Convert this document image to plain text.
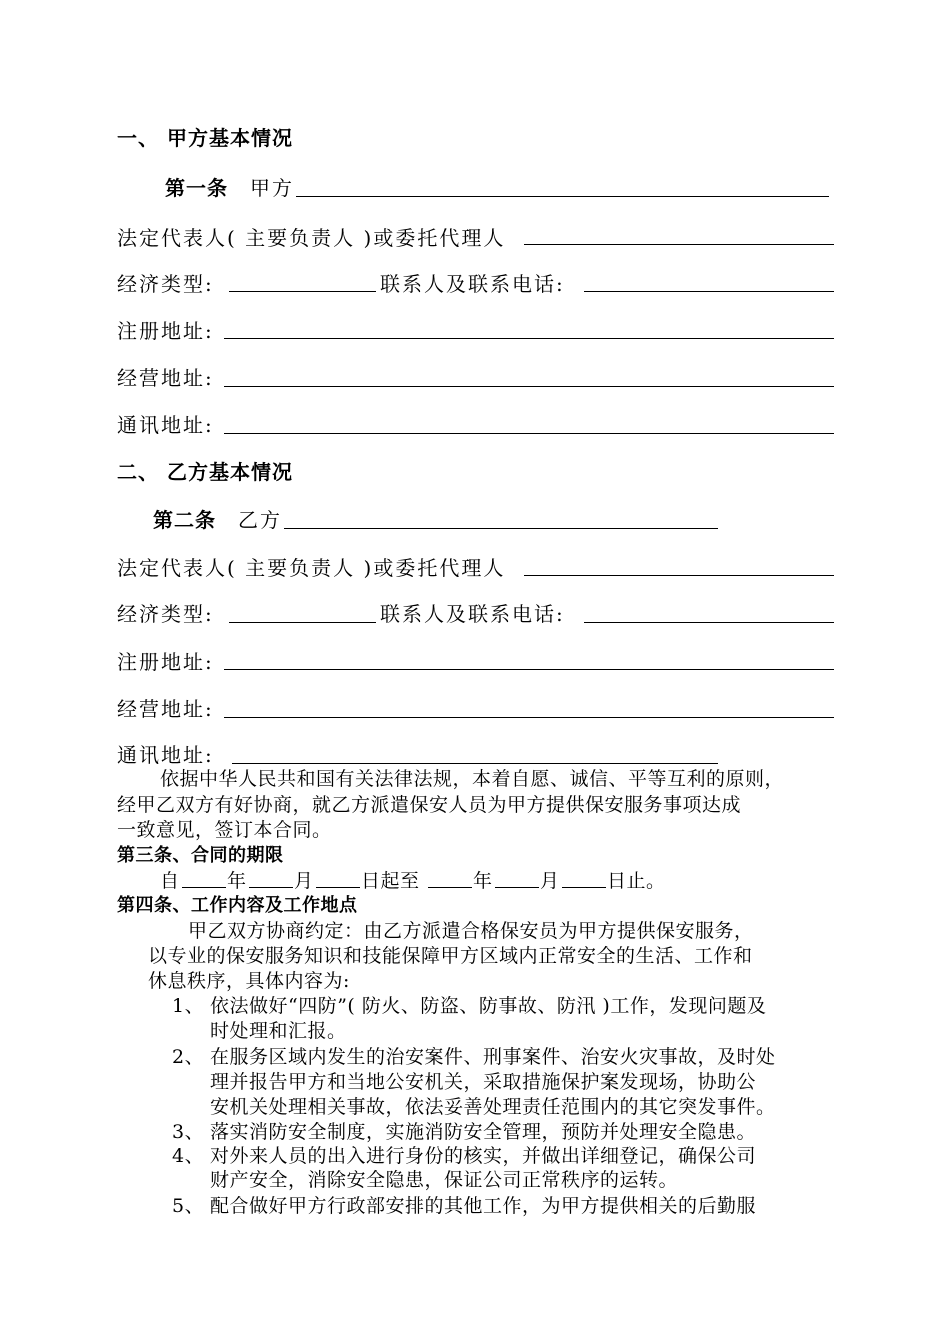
一、 甲方基本情况
第一条 甲方
法定代表人( 主要负责人 )或委托代理人
经济类型:	联系人及联系电话:
注册地址:
经营地址:
通讯地址:
二、 乙方基本情况
第二条 乙方
法定代表人( 主要负责人 )或委托代理人
经济类型:	联系人及联系电话:
注册地址:
经营地址:
通讯地址:
依据中华人民共和国有关法律法规，本着自愿、诚信、平等互利的原则，
经甲乙双方有好协商，就乙方派遣保安人员为甲方提供保安服务事项达成
一致意见，签订本合同。
第三条、合同的期限
自 年 月 日起至	年 月 日止。
第四条、工作内容及工作地点
甲乙双方协商约定：由乙方派遣合格保安员为甲方提供保安服务，
以专业的保安服务知识和技能保障甲方区域内正常安全的生活、工作和
休息秩序，具体内容为:
1、 依法做好“四防”( 防火、防盗、防事故、防汛 )工作，发现问题及
时处理和汇报。
2、 在服务区域内发生的治安案件、刑事案件、治安火灾事故，及时处
理并报告甲方和当地公安机关，采取措施保护案发现场，协助公
安机关处理相关事故，依法妥善处理责任范围内的其它突发事件。
3、 落实消防安全制度，实施消防安全管理，预防并处理安全隐患。
4、 对外来人员的出入进行身份的核实，并做出详细登记，确保公司
财产安全，消除安全隐患，保证公司正常秩序的运转。
5、 配合做好甲方行政部安排的其他工作，为甲方提供相关的后勤服
